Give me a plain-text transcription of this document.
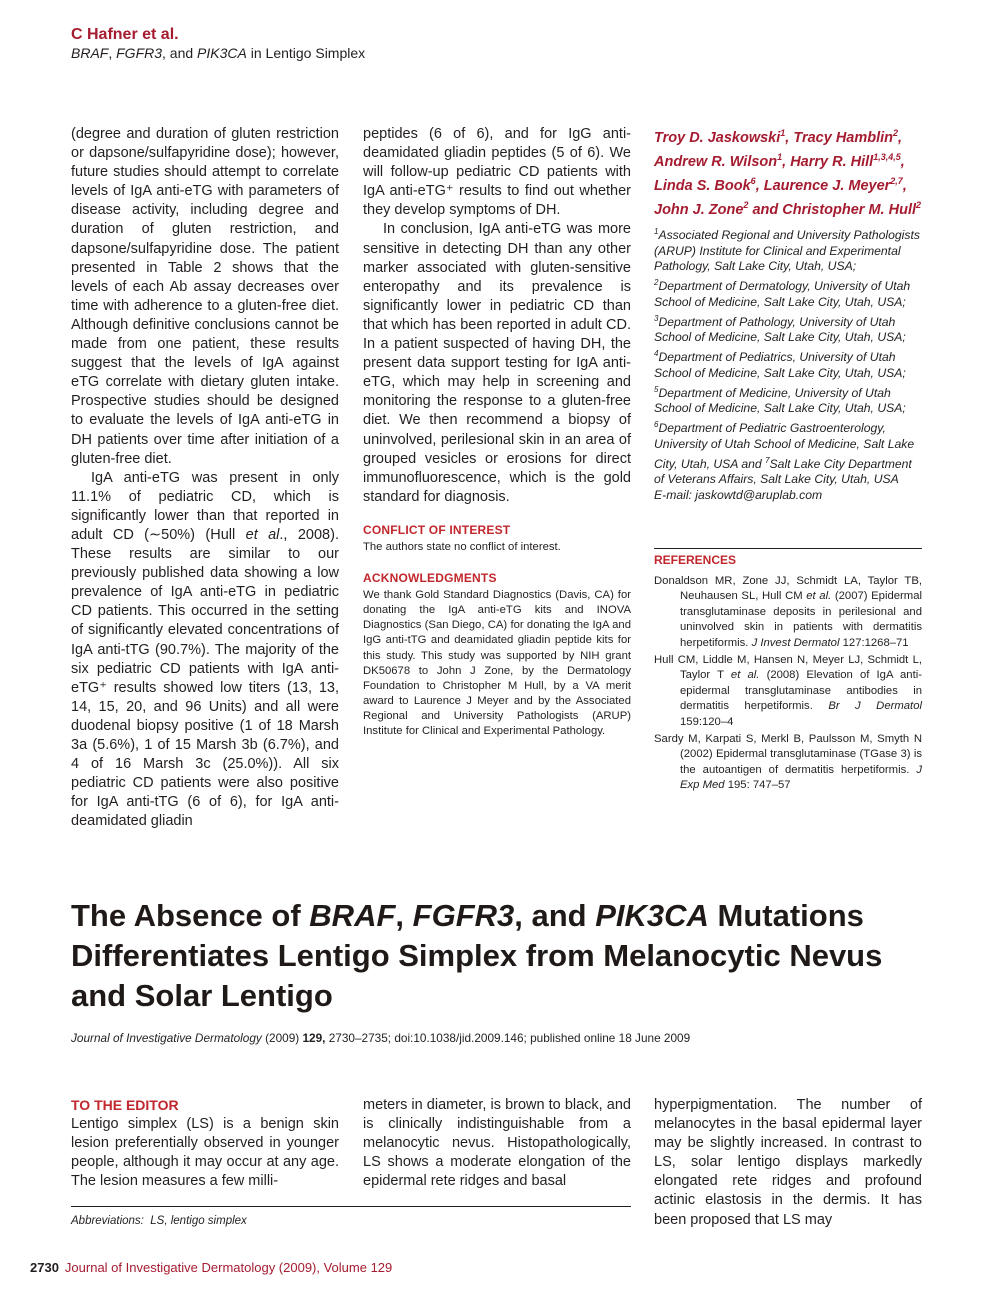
C Hafner et al.
BRAF, FGFR3, and PIK3CA in Lentigo Simplex

(degree and duration of gluten restriction or dapsone/sulfapyridine dose); however, future studies should attempt to correlate levels of IgA anti-eTG with parameters of disease activity, including degree and duration of gluten restriction, and dapsone/sulfapyridine dose. The patient presented in Table 2 shows that the levels of each Ab assay decreases over time with adherence to a gluten-free diet. Although definitive conclusions cannot be made from one patient, these results suggest that the levels of IgA against eTG correlate with dietary gluten intake. Prospective studies should be designed to evaluate the levels of IgA anti-eTG in DH patients over time after initiation of a gluten-free diet.

IgA anti-eTG was present in only 11.1% of pediatric CD, which is significantly lower than that reported in adult CD (∼50%) (Hull et al., 2008). These results are similar to our previously published data showing a low prevalence of IgA anti-eTG in pediatric CD patients. This occurred in the setting of significantly elevated concentrations of IgA anti-tTG (90.7%). The majority of the six pediatric CD patients with IgA anti-eTG⁺ results showed low titers (13, 13, 14, 15, 20, and 96 Units) and all were duodenal biopsy positive (1 of 18 Marsh 3a (5.6%), 1 of 15 Marsh 3b (6.7%), and 4 of 16 Marsh 3c (25.0%)). All six pediatric CD patients were also positive for IgA anti-tTG (6 of 6), for IgA anti-deamidated gliadin

peptides (6 of 6), and for IgG anti-deamidated gliadin peptides (5 of 6). We will follow-up pediatric CD patients with IgA anti-eTG⁺ results to find out whether they develop symptoms of DH.

In conclusion, IgA anti-eTG was more sensitive in detecting DH than any other marker associated with gluten-sensitive enteropathy and its prevalence is significantly lower in pediatric CD than that which has been reported in adult CD. In a patient suspected of having DH, the present data support testing for IgA anti-eTG, which may help in screening and monitoring the response to a gluten-free diet. We then recommend a biopsy of uninvolved, perilesional skin in an area of grouped vesicles or erosions for direct immunofluorescence, which is the gold standard for diagnosis.

CONFLICT OF INTEREST
The authors state no conflict of interest.
ACKNOWLEDGMENTS
We thank Gold Standard Diagnostics (Davis, CA) for donating the IgA anti-eTG kits and INOVA Diagnostics (San Diego, CA) for donating the IgA and IgG anti-tTG and deamidated gliadin peptide kits for this study. This study was supported by NIH grant DK50678 to John J Zone, by the Dermatology Foundation to Christopher M Hull, by a VA merit award to Laurence J Meyer and by the Associated Regional and University Pathologists (ARUP) Institute for Clinical and Experimental Pathology.
Troy D. Jaskowski$^1$, Tracy Hamblin$^2$, Andrew R. Wilson$^1$, Harry R. Hill$^{1,3,4,5}$, Linda S. Book$^6$, Laurence J. Meyer$^{2,7}$, John J. Zone$^2$ and Christopher M. Hull$^2$
$^1$Associated Regional and University Pathologists (ARUP) Institute for Clinical and Experimental Pathology, Salt Lake City, Utah, USA; $^2$Department of Dermatology, University of Utah School of Medicine, Salt Lake City, Utah, USA; $^3$Department of Pathology, University of Utah School of Medicine, Salt Lake City, Utah, USA; $^4$Department of Pediatrics, University of Utah School of Medicine, Salt Lake City, Utah, USA; $^5$Department of Medicine, University of Utah School of Medicine, Salt Lake City, Utah, USA; $^6$Department of Pediatric Gastroenterology, University of Utah School of Medicine, Salt Lake City, Utah, USA and $^7$Salt Lake City Department of Veterans Affairs, Salt Lake City, Utah, USA
E-mail: jaskowtd@aruplab.com
REFERENCES
Donaldson MR, Zone JJ, Schmidt LA, Taylor TB, Neuhausen SL, Hull CM et al. (2007) Epidermal transglutaminase deposits in perilesional and uninvolved skin in patients with dermatitis herpetiformis. J Invest Dermatol 127:1268–71
Hull CM, Liddle M, Hansen N, Meyer LJ, Schmidt L, Taylor T et al. (2008) Elevation of IgA anti-epidermal transglutaminase antibodies in dermatitis herpetiformis. Br J Dermatol 159:120–4
Sardy M, Karpati S, Merkl B, Paulsson M, Smyth N (2002) Epidermal transglutaminase (TGase 3) is the autoantigen of dermatitis herpetiformis. J Exp Med 195: 747–57
The Absence of BRAF, FGFR3, and PIK3CA Mutations Differentiates Lentigo Simplex from Melanocytic Nevus and Solar Lentigo
Journal of Investigative Dermatology (2009) 129, 2730–2735; doi:10.1038/jid.2009.146; published online 18 June 2009
TO THE EDITOR

Lentigo simplex (LS) is a benign skin lesion preferentially observed in younger people, although it may occur at any age. The lesion measures a few milli-

meters in diameter, is brown to black, and is clinically indistinguishable from a melanocytic nevus. Histopathologically, LS shows a moderate elongation of the epidermal rete ridges and basal

hyperpigmentation. The number of melanocytes in the basal epidermal layer may be slightly increased. In contrast to LS, solar lentigo displays markedly elongated rete ridges and profound actinic elastosis in the dermis. It has been proposed that LS may

Abbreviations:  LS, lentigo simplex
2730 Journal of Investigative Dermatology (2009), Volume 129
